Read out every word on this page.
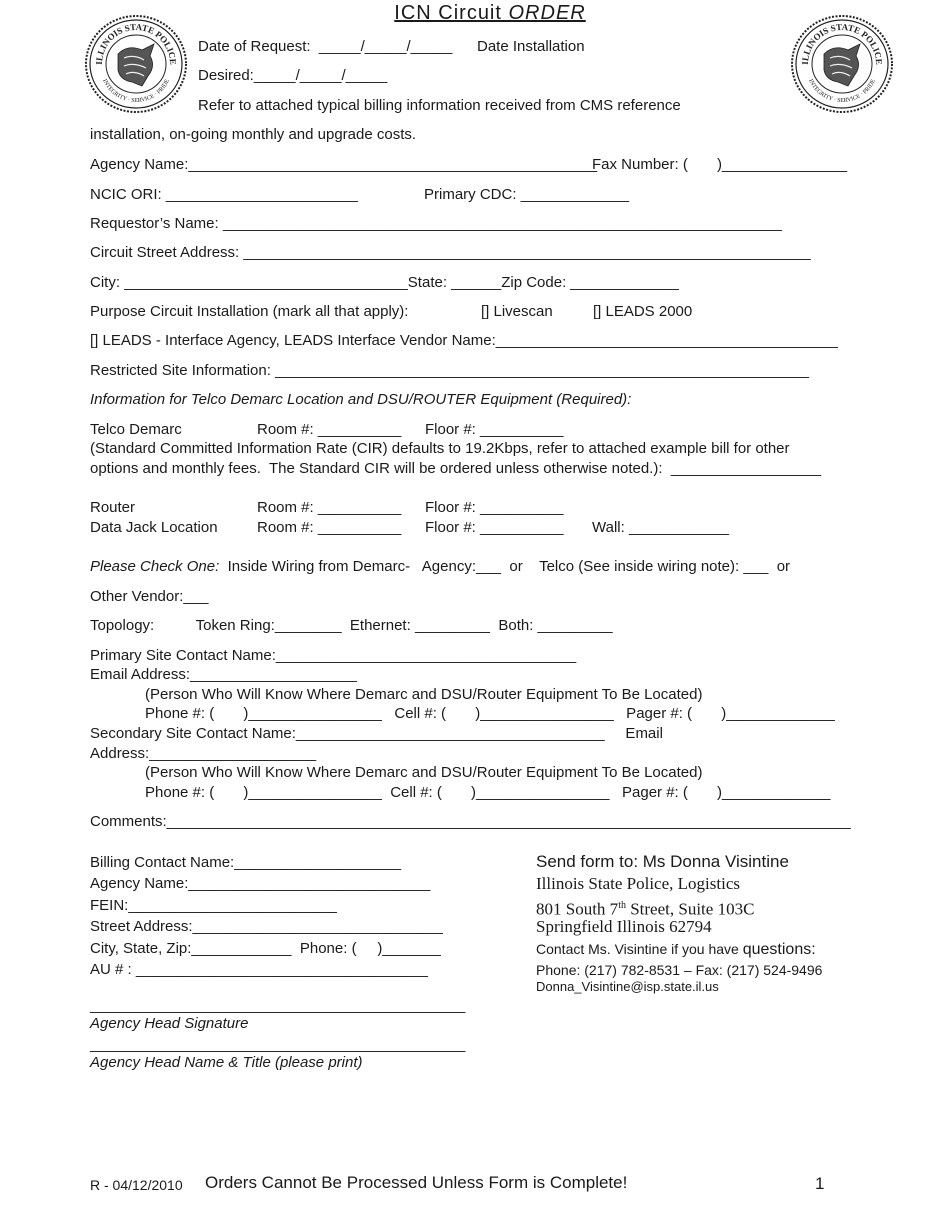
ICN Circuit ORDER
ILLINOIS STATE POLICE
INTEGRITY · SERVICE · PRIDE
ILLINOIS STATE POLICE
INTEGRITY · SERVICE · PRIDE
Date of Request:  _____/_____/_____ Date Installation
Desired:_____/_____/_____
Refer to attached typical billing information received from CMS reference
installation, on-going monthly and upgrade costs.
Agency Name:_________________________________________________
Fax Number: (       )_______________
NCIC ORI: _______________________	Primary CDC: _____________
Requestor’s Name: ___________________________________________________________________
Circuit Street Address: ____________________________________________________________________
City: __________________________________State: ______Zip Code: _____________
Purpose Circuit Installation (mark all that apply):	[] Livescan	[] LEADS 2000
[] LEADS - Interface Agency, LEADS Interface Vendor Name:_________________________________________
Restricted Site Information: ________________________________________________________________
Information for Telco Demarc Location and DSU/ROUTER Equipment (Required):
Telco Demarc	Room #: __________ Floor #: __________
(Standard Committed Information Rate (CIR) defaults to 19.2Kbps, refer to attached example bill for other
options and monthly fees.  The Standard CIR will be ordered unless otherwise noted.):  __________________
Router	Room #: __________ Floor #: __________
Data Jack Location	Room #: __________ Floor #: __________ Wall: ____________
Please Check One:  Inside Wiring from Demarc-   Agency:___  or    Telco (See inside wiring note): ___  or
Other Vendor:___
Topology:          Token Ring:________  Ethernet: _________  Both: _________
Primary Site Contact Name:____________________________________
Email Address:____________________
(Person Who Will Know Where Demarc and DSU/Router Equipment To Be Located)
Phone #: (       )________________   Cell #: (       )________________   Pager #: (       )_____________
Secondary Site Contact Name:_____________________________________     Email
Address:____________________
(Person Who Will Know Where Demarc and DSU/Router Equipment To Be Located)
Phone #: (       )________________  Cell #: (       )________________   Pager #: (       )_____________
Comments:__________________________________________________________________________________
Billing Contact Name:____________________
Agency Name:_____________________________
FEIN:_________________________
Street Address:______________________________
City, State, Zip:____________  Phone: (     )_______
AU # : ___________________________________
_____________________________________________
Agency Head Signature
_____________________________________________
Agency Head Name & Title (please print)
Send form to: Ms Donna Visintine
Illinois State Police, Logistics
801 South 7th Street, Suite 103C
Springfield Illinois 62794
Contact Ms. Visintine if you have questions:
Phone: (217) 782-8531 – Fax: (217) 524-9496
Donna_Visintine@isp.state.il.us
R - 04/12/2010 Orders Cannot Be Processed Unless Form is Complete!	1
